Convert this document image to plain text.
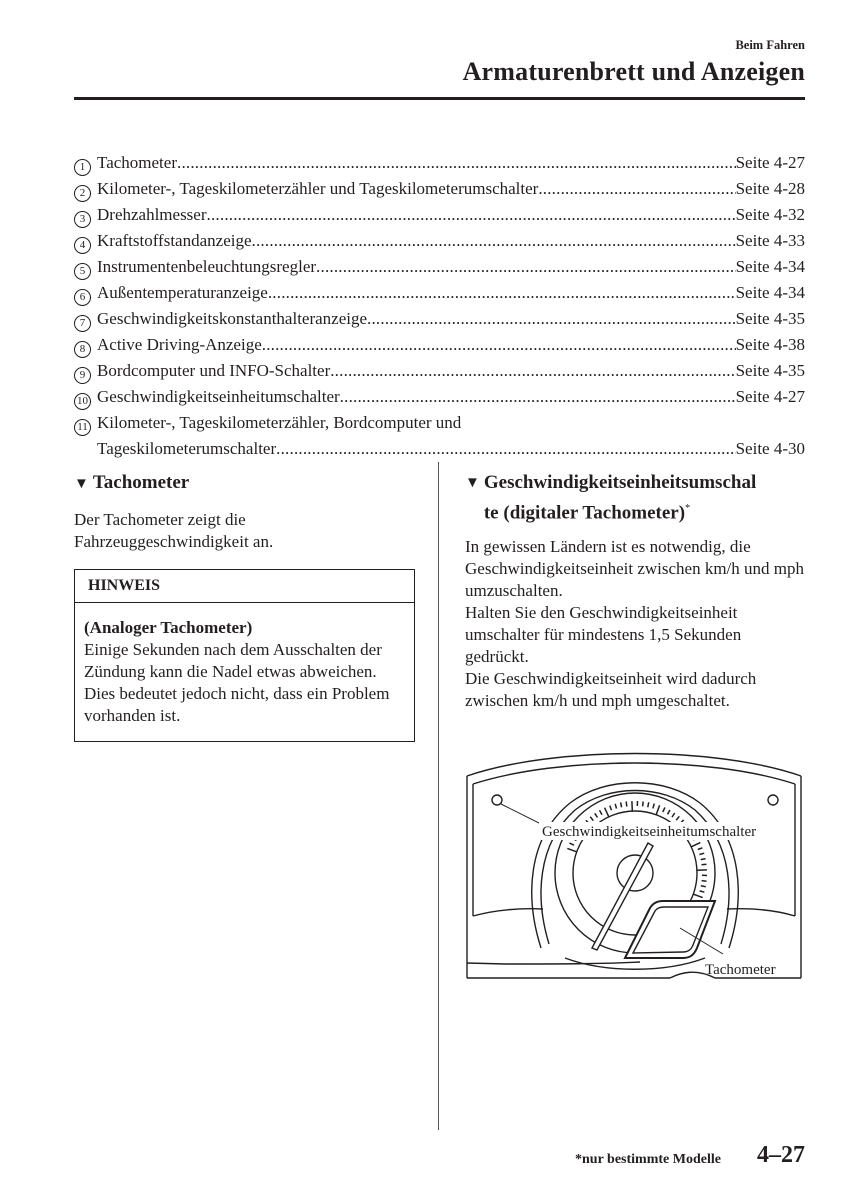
Beim Fahren
Armaturenbrett und Anzeigen
1 Tachometer .....	Seite 4-27
2 Kilometer-, Tageskilometerzähler und Tageskilometerumschalter .....	Seite 4-28
3 Drehzahlmesser .....	Seite 4-32
4 Kraftstoffstandanzeige .....	Seite 4-33
5 Instrumentenbeleuchtungsregler .....	Seite 4-34
6 Außentemperaturanzeige .....	Seite 4-34
7 Geschwindigkeitskonstanthalteranzeige .....	Seite 4-35
8 Active Driving-Anzeige .....	Seite 4-38
9 Bordcomputer und INFO-Schalter .....	Seite 4-35
10 Geschwindigkeitseinheitumschalter .....	Seite 4-27
11 Kilometer-, Tageskilometerzähler, Bordcomputer und
Tageskilometerumschalter .....	Seite 4-30
▼ Tachometer

Der Tachometer zeigt die Fahrzeuggeschwindigkeit an.

HINWEIS
(Analoger Tachometer)
Einige Sekunden nach dem Ausschalten der Zündung kann die Nadel etwas abweichen. Dies bedeutet jedoch nicht, dass ein Problem vorhanden ist.
▼ Geschwindigkeitseinheitsumschal
te (digitaler Tachometer)*

In gewissen Ländern ist es notwendig, die Geschwindigkeitseinheit zwischen km/h und mph umzuschalten.
Halten Sie den Geschwindigkeitseinheit umschalter für mindestens 1,5 Sekunden gedrückt.
Die Geschwindigkeitseinheit wird dadurch zwischen km/h und mph umgeschaltet.

Geschwindigkeitseinheitumschalter
Tachometer
*nur bestimmte Modelle 4–27
